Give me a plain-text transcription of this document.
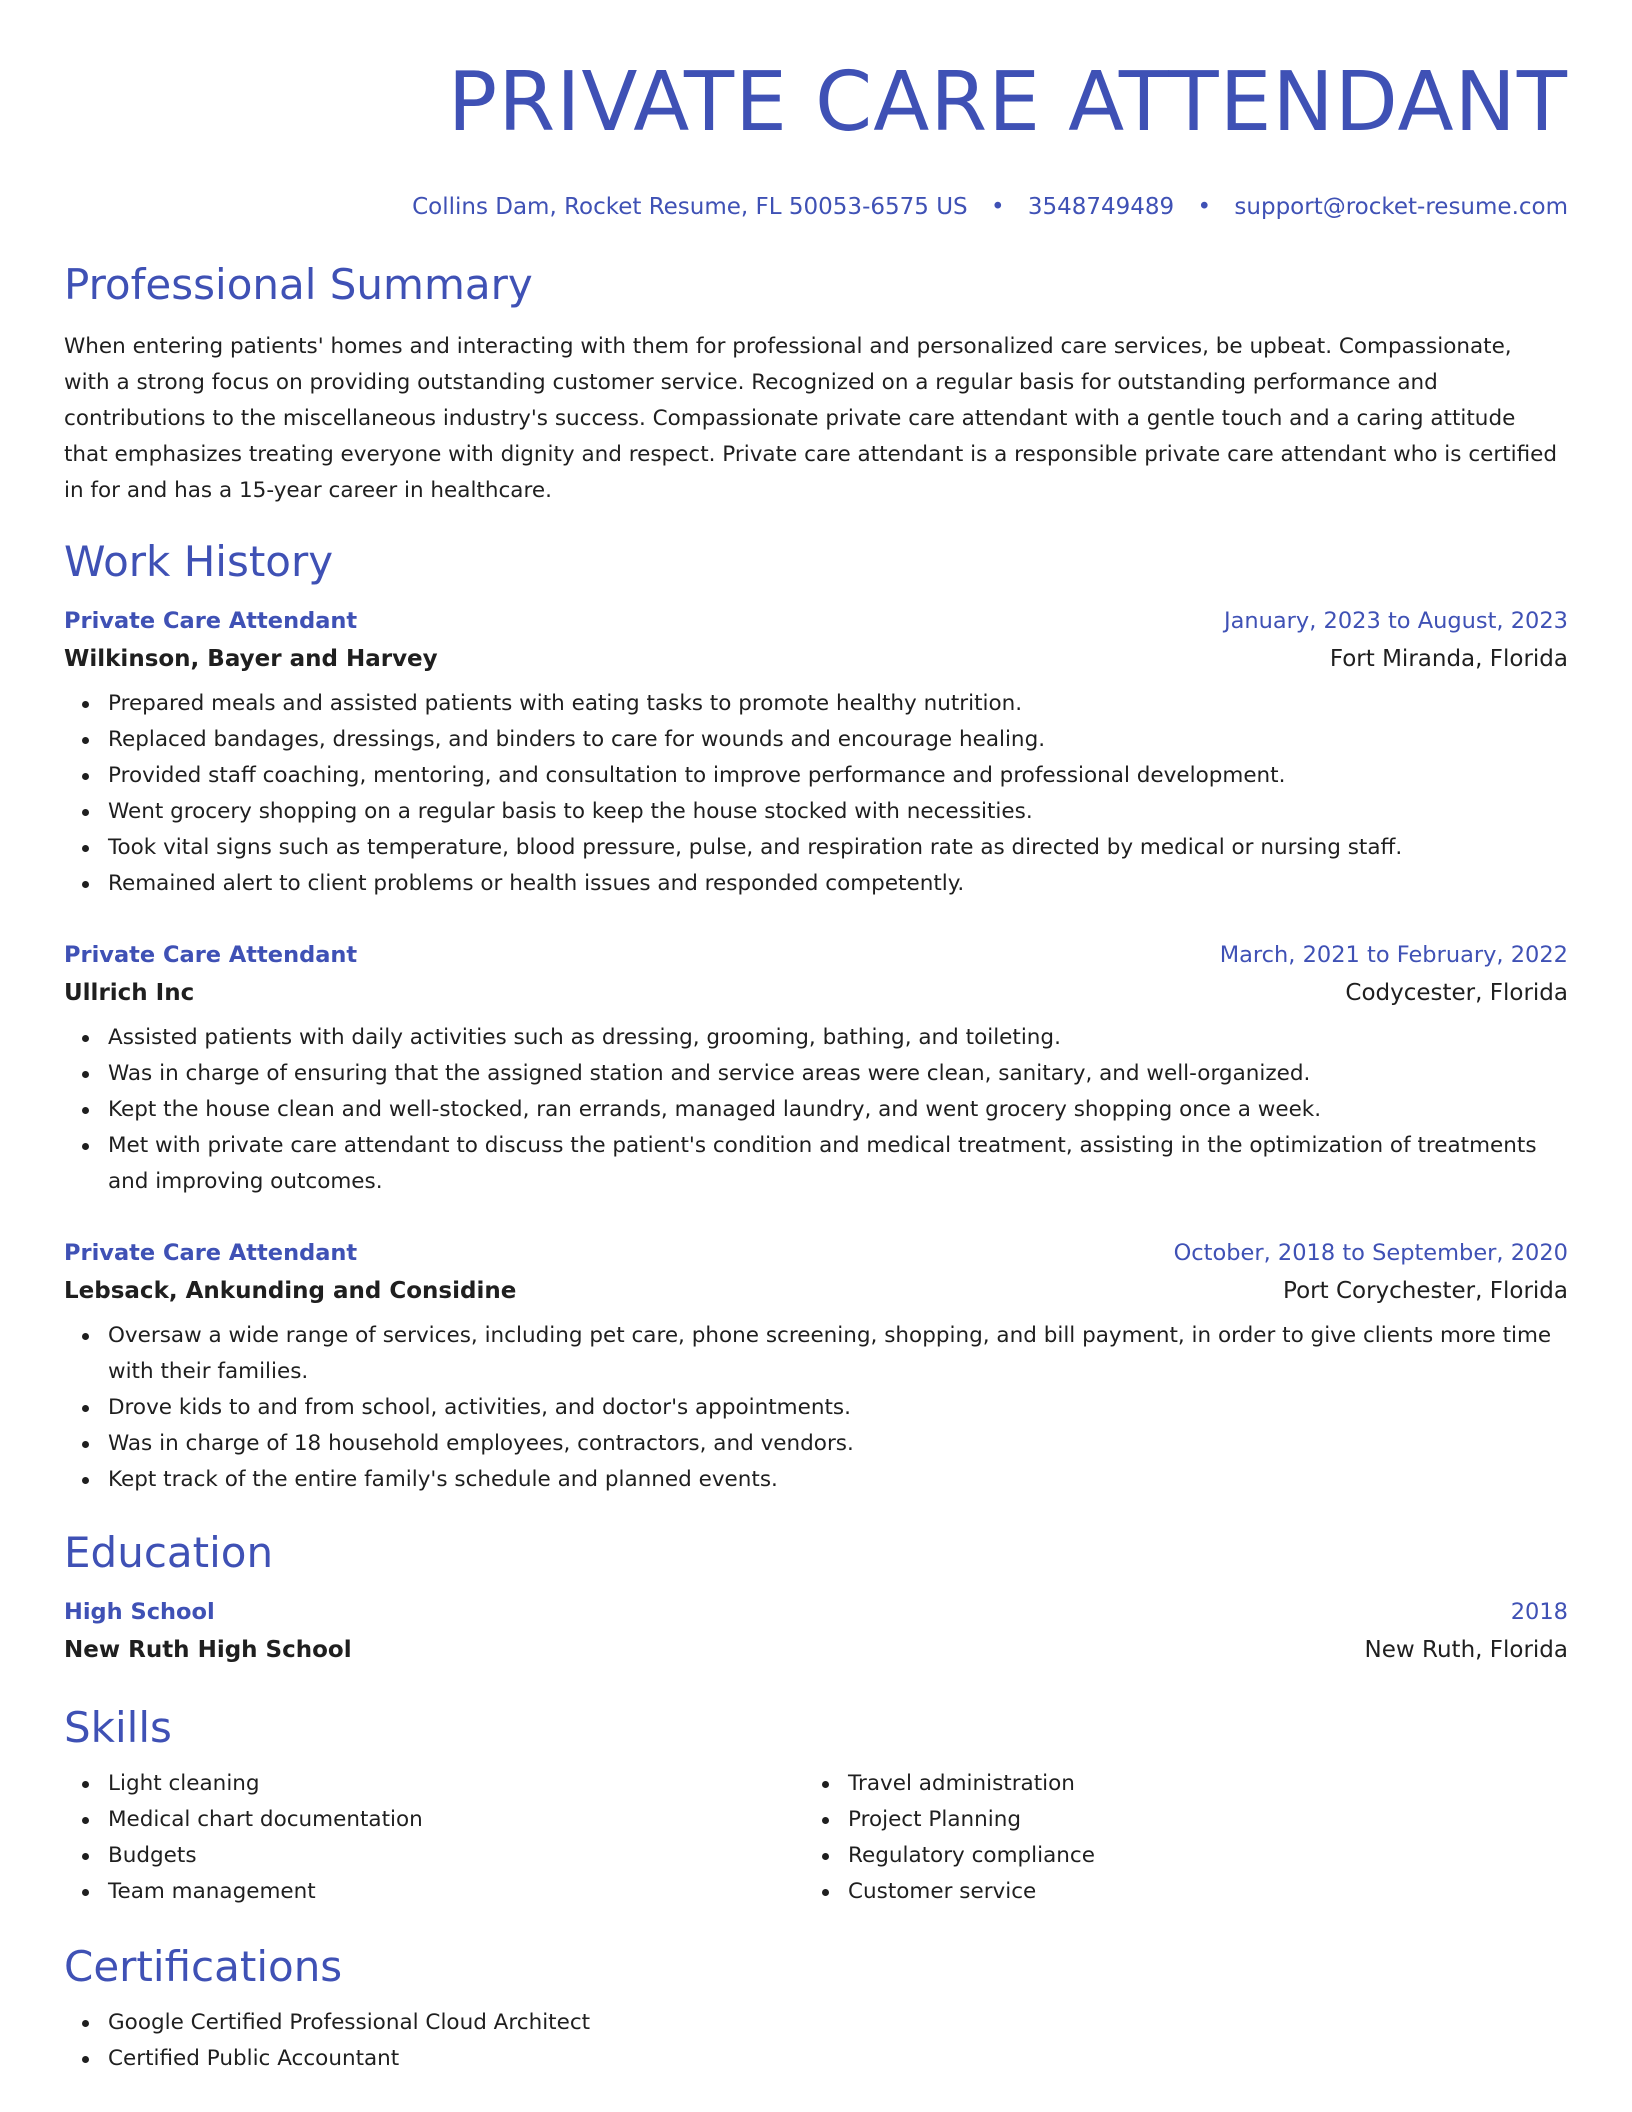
PRIVATE CARE ATTENDANT
Collins Dam, Rocket Resume, FL 50053-6575 US • 3548749489 • support@rocket-resume.com
Professional Summary

When entering patients' homes and interacting with them for professional and personalized care services, be upbeat. Compassionate, with a strong focus on providing outstanding customer service. Recognized on a regular basis for outstanding performance and contributions to the miscellaneous industry's success. Compassionate private care attendant with a gentle touch and a caring attitude that emphasizes treating everyone with dignity and respect. Private care attendant is a responsible private care attendant who is certified in for and has a 15-year career in healthcare.

Work History
Private Care Attendant	January, 2023 to August, 2023
Wilkinson, Bayer and Harvey	Fort Miranda, Florida
Prepared meals and assisted patients with eating tasks to promote healthy nutrition.
Replaced bandages, dressings, and binders to care for wounds and encourage healing.
Provided staff coaching, mentoring, and consultation to improve performance and professional development.
Went grocery shopping on a regular basis to keep the house stocked with necessities.
Took vital signs such as temperature, blood pressure, pulse, and respiration rate as directed by medical or nursing staff.
Remained alert to client problems or health issues and responded competently.
Private Care Attendant	March, 2021 to February, 2022
Ullrich Inc	Codycester, Florida
Assisted patients with daily activities such as dressing, grooming, bathing, and toileting.
Was in charge of ensuring that the assigned station and service areas were clean, sanitary, and well-organized.
Kept the house clean and well-stocked, ran errands, managed laundry, and went grocery shopping once a week.
Met with private care attendant to discuss the patient's condition and medical treatment, assisting in the optimization of treatments and improving outcomes.
Private Care Attendant	October, 2018 to September, 2020
Lebsack, Ankunding and Considine	Port Corychester, Florida
Oversaw a wide range of services, including pet care, phone screening, shopping, and bill payment, in order to give clients more time with their families.
Drove kids to and from school, activities, and doctor's appointments.
Was in charge of 18 household employees, contractors, and vendors.
Kept track of the entire family's schedule and planned events.
Education
High School	2018
New Ruth High School	New Ruth, Florida
Skills
Light cleaning
Medical chart documentation
Budgets
Team management
Travel administration
Project Planning
Regulatory compliance
Customer service
Certifications
Google Certified Professional Cloud Architect
Certified Public Accountant
